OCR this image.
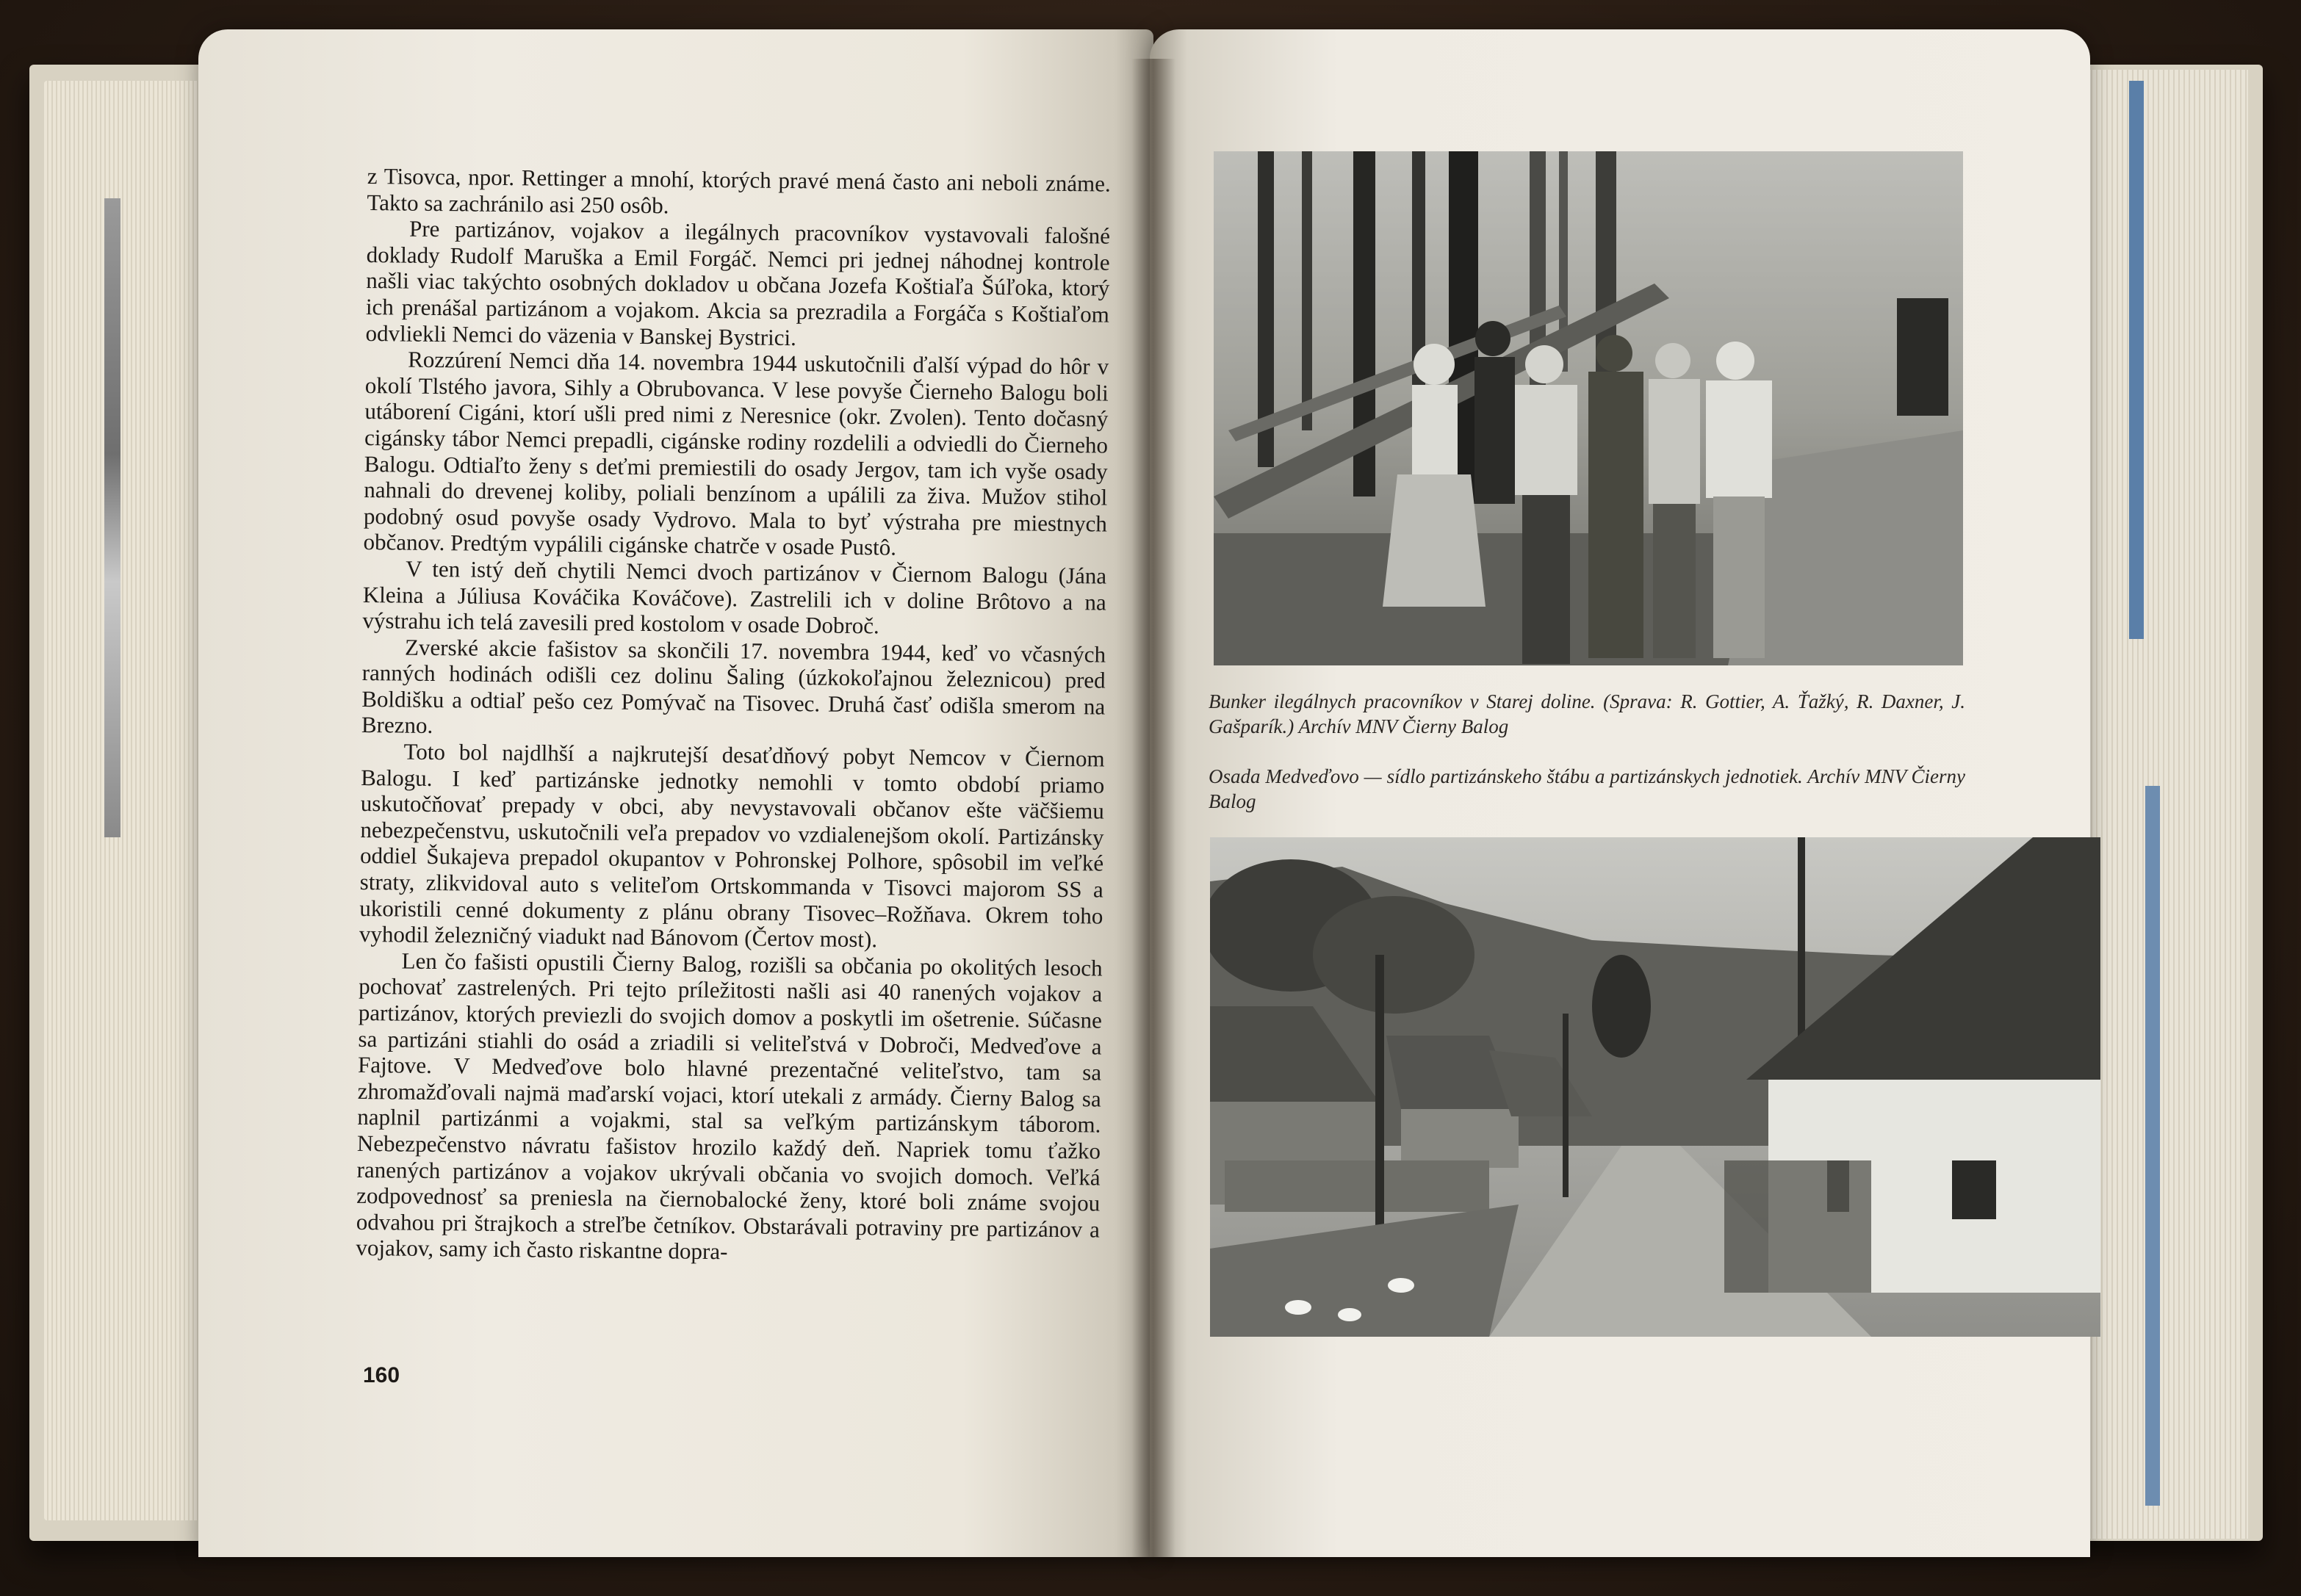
z Tisovca, npor. Rettinger a mnohí, ktorých pravé mená často ani neboli známe. Takto sa zachránilo asi 250 osôb.

Pre partizánov, vojakov a ilegálnych pracovníkov vystavovali falošné doklady Rudolf Maruška a Emil Forgáč. Nemci pri jednej náhodnej kontrole našli viac takýchto osobných dokladov u občana Jozefa Koštiaľa Šúľoka, ktorý ich prenášal partizánom a vojakom. Akcia sa prezradila a Forgáča s Koštiaľom odvliekli Nemci do väzenia v Banskej Bystrici.

Rozzúrení Nemci dňa 14. novembra 1944 uskutočnili ďalší výpad do hôr v okolí Tlstého javora, Sihly a Obrubovanca. V lese povyše Čierneho Balogu boli utáborení Cigáni, ktorí ušli pred nimi z Neresnice (okr. Zvolen). Tento dočasný cigánsky tábor Nemci prepadli, cigánske rodiny rozdelili a odviedli do Čierneho Balogu. Odtiaľto ženy s deťmi premiestili do osady Jergov, tam ich vyše osady nahnali do drevenej koliby, poliali benzínom a upálili za živa. Mužov stihol podobný osud povyše osady Vydrovo. Mala to byť výstraha pre miestnych občanov. Predtým vypálili cigánske chatrče v osade Pustô.

V ten istý deň chytili Nemci dvoch partizánov v Čiernom Balogu (Jána Kleina a Júliusa Kováčika Kováčove). Zastrelili ich v doline Brôtovo a na výstrahu ich telá zavesili pred kostolom v osade Dobroč.

Zverské akcie fašistov sa skončili 17. novembra 1944, keď vo včasných ranných hodinách odišli cez dolinu Šaling (úzkokoľajnou železnicou) pred Boldišku a odtiaľ pešo cez Pomývač na Tisovec. Druhá časť odišla smerom na Brezno.

Toto bol najdlhší a najkrutejší desaťdňový pobyt Nemcov v Čiernom Balogu. I keď partizánske jednotky nemohli v tomto období priamo uskutočňovať prepady v obci, aby nevystavovali občanov ešte väčšiemu nebezpečenstvu, uskutočnili veľa prepadov vo vzdialenejšom okolí. Partizánsky oddiel Šukajeva prepadol okupantov v Pohronskej Polhore, spôsobil im veľké straty, zlikvidoval auto s veliteľom Ortskommanda v Tisovci majorom SS a ukoristili cenné dokumenty z plánu obrany Tisovec–Rožňava. Okrem toho vyhodil železničný viadukt nad Bánovom (Čertov most).

Len čo fašisti opustili Čierny Balog, rozišli sa občania po okolitých lesoch pochovať zastrelených. Pri tejto príležitosti našli asi 40 ranených vojakov a partizánov, ktorých previezli do svojich domov a poskytli im ošetrenie. Súčasne sa partizáni stiahli do osád a zriadili si veliteľstvá v Dobroči, Medveďove a Fajtove. V Medveďove bolo hlavné prezentačné veliteľstvo, tam sa zhromažďovali najmä maďarskí vojaci, ktorí utekali z armády. Čierny Balog sa naplnil partizánmi a vojakmi, stal sa veľkým partizánskym táborom. Nebezpečenstvo návratu fašistov hrozilo každý deň. Napriek tomu ťažko ranených partizánov a vojakov ukrývali občania vo svojich domoch. Veľká zodpovednosť sa preniesla na čiernobalocké ženy, ktoré boli známe svojou odvahou pri štrajkoch a streľbe četníkov. Obstarávali potraviny pre partizánov a vojakov, samy ich často riskantne dopra-

160
Bunker ilegálnych pracovníkov v Starej doline. (Sprava: R. Gottier, A. Ťažký, R. Daxner, J. Gašparík.) Archív MNV Čierny Balog
Osada Medveďovo — sídlo partizánskeho štábu a partizánskych jednotiek. Archív MNV Čierny Balog
